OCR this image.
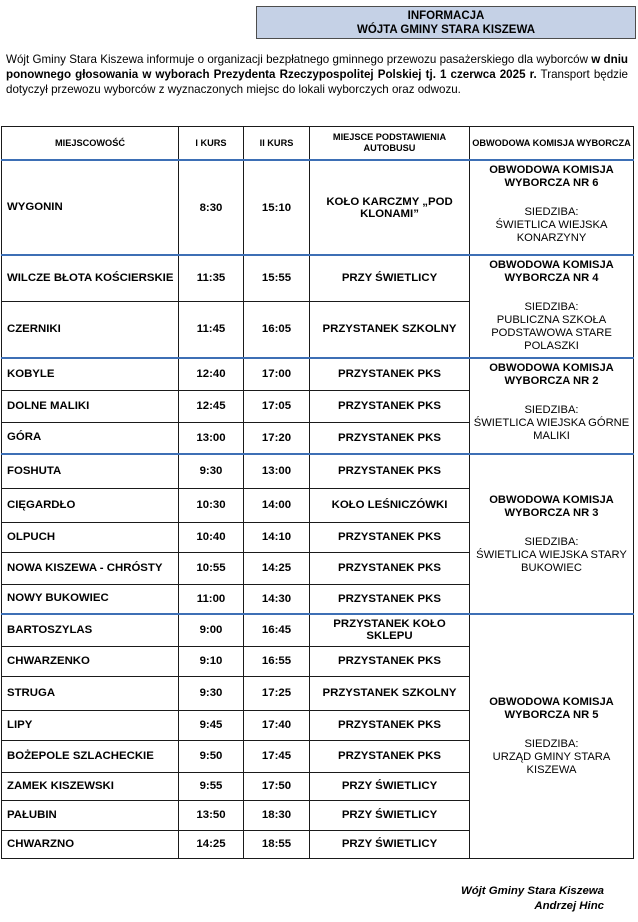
INFORMACJA
WÓJTA GMINY STARA KISZEWA
Wójt Gminy Stara Kiszewa informuje o organizacji bezpłatnego gminnego przewozu pasażerskiego dla wyborców w dniu ponownego głosowania w wyborach Prezydenta Rzeczypospolitej Polskiej tj. 1 czerwca 2025 r. Transport będzie dotyczył przewozu wyborców z wyznaczonych miejsc do lokali wyborczych oraz odwozu.
MIEJSCOWOŚĆ	I KURS	II KURS	MIEJSCE PODSTAWIENIA AUTOBUSU	OBWODOWA KOMISJA WYBORCZA
WYGONIN	8:30	15:10	KOŁO KARCZMY „POD KLONAMI”	OBWODOWA KOMISJA WYBORCZA NR 6
SIEDZIBA:
ŚWIETLICA WIEJSKA KONARZYNY

WILCZE BŁOTA KOŚCIERSKIE	11:35	15:55	PRZY ŚWIETLICY	OBWODOWA KOMISJA WYBORCZA NR 4
SIEDZIBA:
PUBLICZNA SZKOŁA PODSTAWOWA STARE POLASZKI

CZERNIKI	11:45	16:05	PRZYSTANEK SZKOLNY	
KOBYLE	12:40	17:00	PRZYSTANEK PKS	OBWODOWA KOMISJA WYBORCZA NR 2
SIEDZIBA:
ŚWIETLICA WIEJSKA GÓRNE MALIKI

DOLNE MALIKI	12:45	17:05	PRZYSTANEK PKS	
GÓRA	13:00	17:20	PRZYSTANEK PKS	
FOSHUTA	9:30	13:00	PRZYSTANEK PKS	OBWODOWA KOMISJA WYBORCZA NR 3
SIEDZIBA:
ŚWIETLICA WIEJSKA STARY BUKOWIEC

CIĘGARDŁO	10:30	14:00	KOŁO LEŚNICZÓWKI	
OLPUCH	10:40	14:10	PRZYSTANEK PKS	
NOWA KISZEWA - CHRÓSTY	10:55	14:25	PRZYSTANEK PKS	
NOWY BUKOWIEC	11:00	14:30	PRZYSTANEK PKS	
BARTOSZYLAS	9:00	16:45	PRZYSTANEK KOŁO SKLEPU	OBWODOWA KOMISJA WYBORCZA NR 5
SIEDZIBA:
URZĄD GMINY STARA KISZEWA

CHWARZENKO	9:10	16:55	PRZYSTANEK PKS	
STRUGA	9:30	17:25	PRZYSTANEK SZKOLNY	
LIPY	9:45	17:40	PRZYSTANEK PKS	
BOŻEPOLE SZLACHECKIE	9:50	17:45	PRZYSTANEK PKS	
ZAMEK KISZEWSKI	9:55	17:50	PRZY ŚWIETLICY	
PAŁUBIN	13:50	18:30	PRZY ŚWIETLICY	
CHWARZNO	14:25	18:55	PRZY ŚWIETLICY	
Wójt Gminy Stara Kiszewa
Andrzej Hinc
